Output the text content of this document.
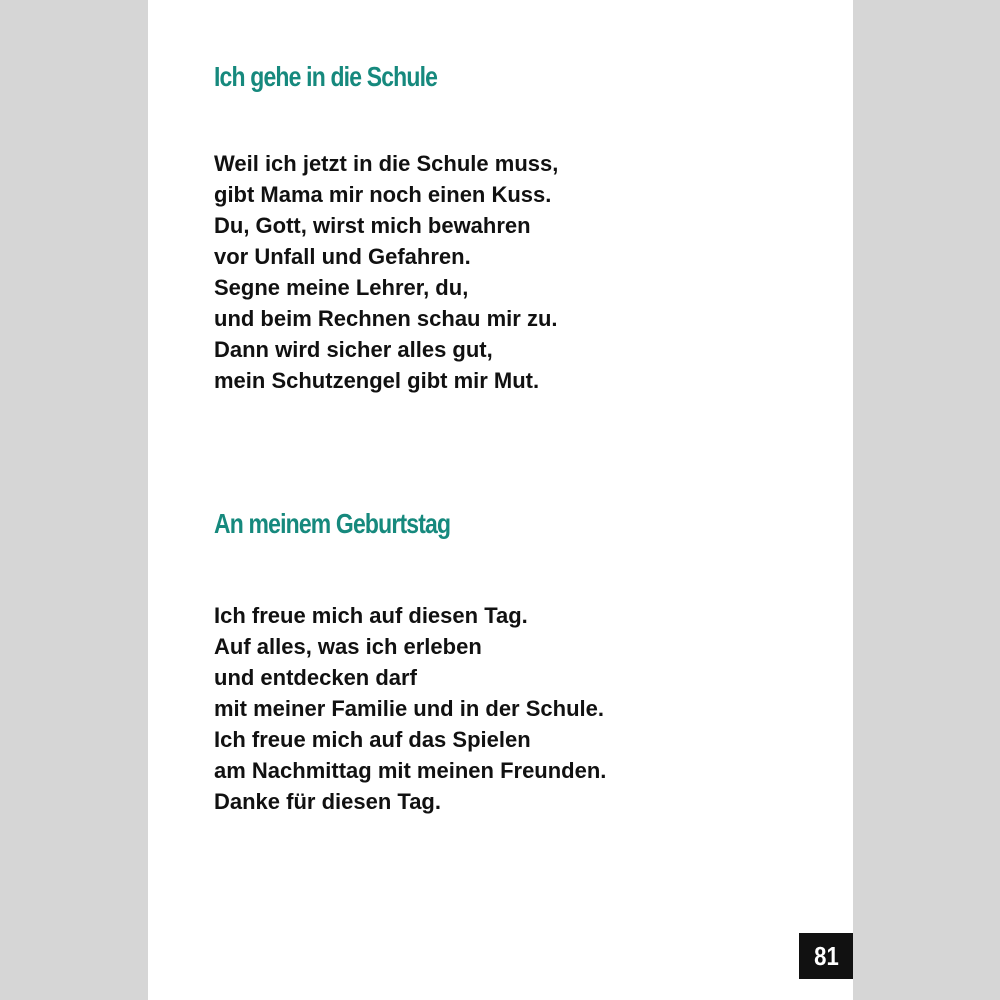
Ich gehe in die Schule
Weil ich jetzt in die Schule muss,
gibt Mama mir noch einen Kuss.
Du, Gott, wirst mich bewahren
vor Unfall und Gefahren.
Segne meine Lehrer, du,
und beim Rechnen schau mir zu.
Dann wird sicher alles gut,
mein Schutzengel gibt mir Mut.
An meinem Geburtstag
Ich freue mich auf diesen Tag.
Auf alles, was ich erleben
und entdecken darf
mit meiner Familie und in der Schule.
Ich freue mich auf das Spielen
am Nachmittag mit meinen Freunden.
Danke für diesen Tag.
81
